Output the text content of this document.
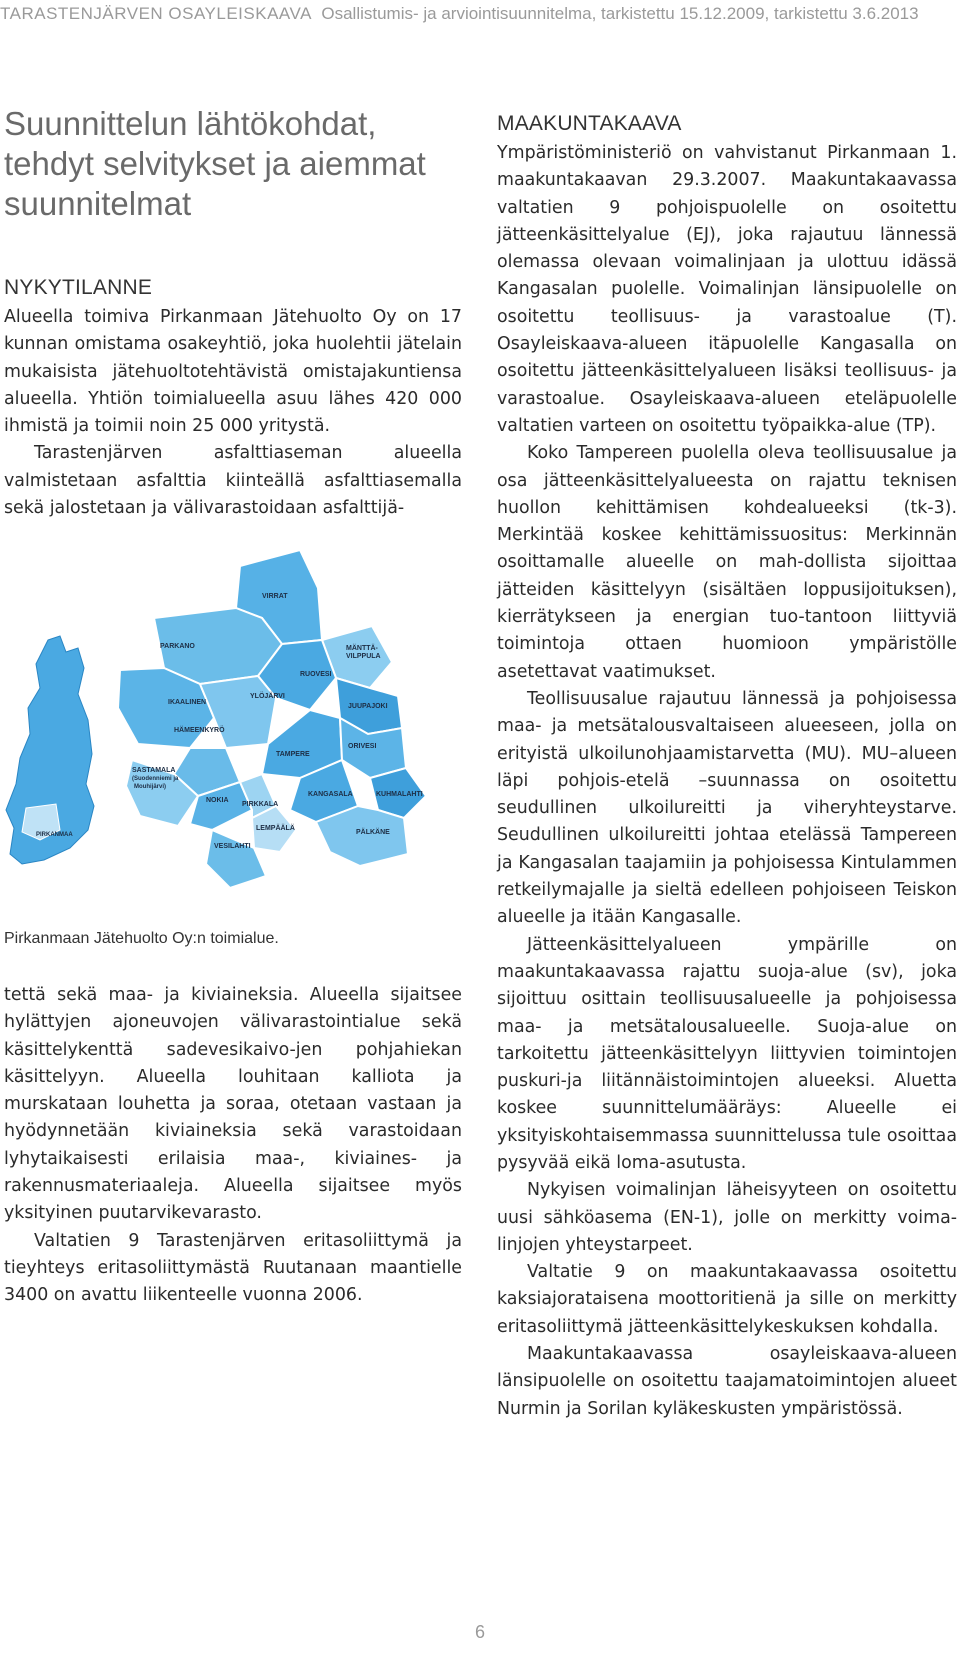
TARASTENJÄRVEN OSAYLEISKAAVA Osallistumis- ja arviointisuunnitelma, tarkistettu 15.12.2009, tarkistettu 3.6.2013
Suunnittelun lähtökohdat, tehdyt selvitykset ja aiemmat suunnitelmat
NYKYTILANNE

Alueella toimiva Pirkanmaan Jätehuolto Oy on 17 kunnan omistama osakeyhtiö, joka huolehtii jätelain mukaisista jätehuoltotehtävistä omistajakuntiensa alueella. Yhtiön toimialueella asuu lähes 420 000 ihmistä ja toimii noin 25 000 yritystä.

Tarastenjärven asfalttiaseman alueella valmistetaan asfalttia kiinteällä asfalttiasemalla sekä jalostetaan ja välivarastoidaan asfalttijä-

VIRRAT
PARKANO	MÄNTTÄ-
VILPPULA
RUOVESI
IKAALINEN
YLÖJÄRVI
JUUPAJOKI
HÄMEENKYRÖ
TAMPERE
ORIVESI
SASTAMALA
(Suodenniemi ja
Mouhijärvi)
NOKIA
PIRKKALA
KANGASALA	KUHMALAHTI
LEMPÄÄLÄ
PÄLKÄNE
VESILAHTI
PIRKANMAA
Pirkanmaan Jätehuolto Oy:n toimialue.

tettä sekä maa- ja kiviaineksia. Alueella sijaitsee hylättyjen ajoneuvojen välivarastointialue sekä käsittelykenttä sadevesikaivo-jen pohjahiekan käsittelyyn. Alueella louhitaan kalliota ja murskataan louhetta ja soraa, otetaan vastaan ja hyödynnetään kiviaineksia sekä varastoidaan lyhytaikaisesti erilaisia maa-, kiviaines- ja rakennusmateriaaleja. Alueella sijaitsee myös yksityinen puutarvikevarasto.

Valtatien 9 Tarastenjärven eritasoliittymä ja tieyhteys eritasoliittymästä Ruutanaan maantielle 3400 on avattu liikenteelle vuonna 2006.

MAAKUNTAKAAVA

Ympäristöministeriö on vahvistanut Pirkanmaan 1. maakuntakaavan 29.3.2007. Maakuntakaavassa valtatien 9 pohjoispuolelle on osoitettu jätteenkäsittelyalue (EJ), joka rajautuu lännessä olemassa olevaan voimalinjaan ja ulottuu idässä Kangasalan puolelle. Voimalinjan länsipuolelle on osoitettu teollisuus- ja varastoalue (T). Osayleiskaava-alueen itäpuolelle Kangasalla on osoitettu jätteenkäsittelyalueen lisäksi teollisuus- ja varastoalue. Osayleiskaava-alueen eteläpuolelle valtatien varteen on osoitettu työpaikka-alue (TP).

Koko Tampereen puolella oleva teollisuusalue ja osa jätteenkäsittelyalueesta on rajattu teknisen huollon kehittämisen kohdealueeksi (tk-3). Merkintää koskee kehittämissuositus: Merkinnän osoittamalle alueelle on mah-dollista sijoittaa jätteiden käsittelyyn (sisältäen loppusijoituksen), kierrätykseen ja energian tuo-tantoon liittyviä toimintoja ottaen huomioon ympäristölle asetettavat vaatimukset.

Teollisuusalue rajautuu lännessä ja pohjoisessa maa- ja metsätalousvaltaiseen alueeseen, jolla on erityistä ulkoilunohjaamistarvetta (MU). MU–alueen läpi pohjois-etelä –suunnassa on osoitettu seudullinen ulkoilureitti ja viheryhteystarve. Seudullinen ulkoilureitti johtaa etelässä Tampereen ja Kangasalan taajamiin ja pohjoisessa Kintulammen retkeilymajalle ja sieltä edelleen pohjoiseen Teiskon alueelle ja itään Kangasalle.

Jätteenkäsittelyalueen ympärille on maakuntakaavassa rajattu suoja-alue (sv), joka sijoittuu osittain teollisuusalueelle ja pohjoisessa maa- ja metsätalousalueelle. Suoja-alue on tarkoitettu jätteenkäsittelyyn liittyvien toimintojen puskuri-ja liitännäistoimintojen alueeksi. Aluetta koskee suunnittelumääräys: Alueelle ei yksityiskohtaisemmassa suunnittelussa tule osoittaa pysyvää eikä loma-asutusta.

Nykyisen voimalinjan läheisyyteen on osoitettu uusi sähköasema (EN-1), jolle on merkitty voima-linjojen yhteystarpeet.

Valtatie 9 on maakuntakaavassa osoitettu kaksiajorataisena moottoritienä ja sille on merkitty eritasoliittymä jätteenkäsittelykeskuksen kohdalla.

Maakuntakaavassa osayleiskaava-alueen länsipuolelle on osoitettu taajamatoimintojen alueet Nurmin ja Sorilan kyläkeskusten ympäristössä.

6
